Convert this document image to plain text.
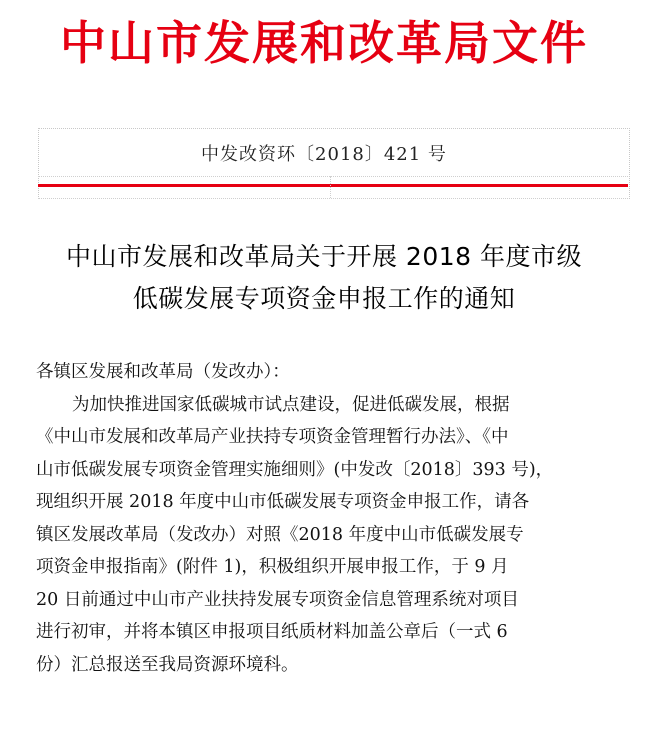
中山市发展和改革局文件
中发改资环〔2018〕421 号
中山市发展和改革局关于开展 2018 年度市级
低碳发展专项资金申报工作的通知
各镇区发展和改革局（发改办）：
为加快推进国家低碳城市试点建设，促进低碳发展，根据
《中山市发展和改革局产业扶持专项资金管理暂行办法》、《中
山市低碳发展专项资金管理实施细则》(中发改〔2018〕393 号)，
现组织开展 2018 年度中山市低碳发展专项资金申报工作，请各
镇区发展改革局（发改办）对照《2018 年度中山市低碳发展专
项资金申报指南》(附件 1)，积极组织开展申报工作，于 9 月
20 日前通过中山市产业扶持发展专项资金信息管理系统对项目
进行初审，并将本镇区申报项目纸质材料加盖公章后（一式 6
份）汇总报送至我局资源环境科。
